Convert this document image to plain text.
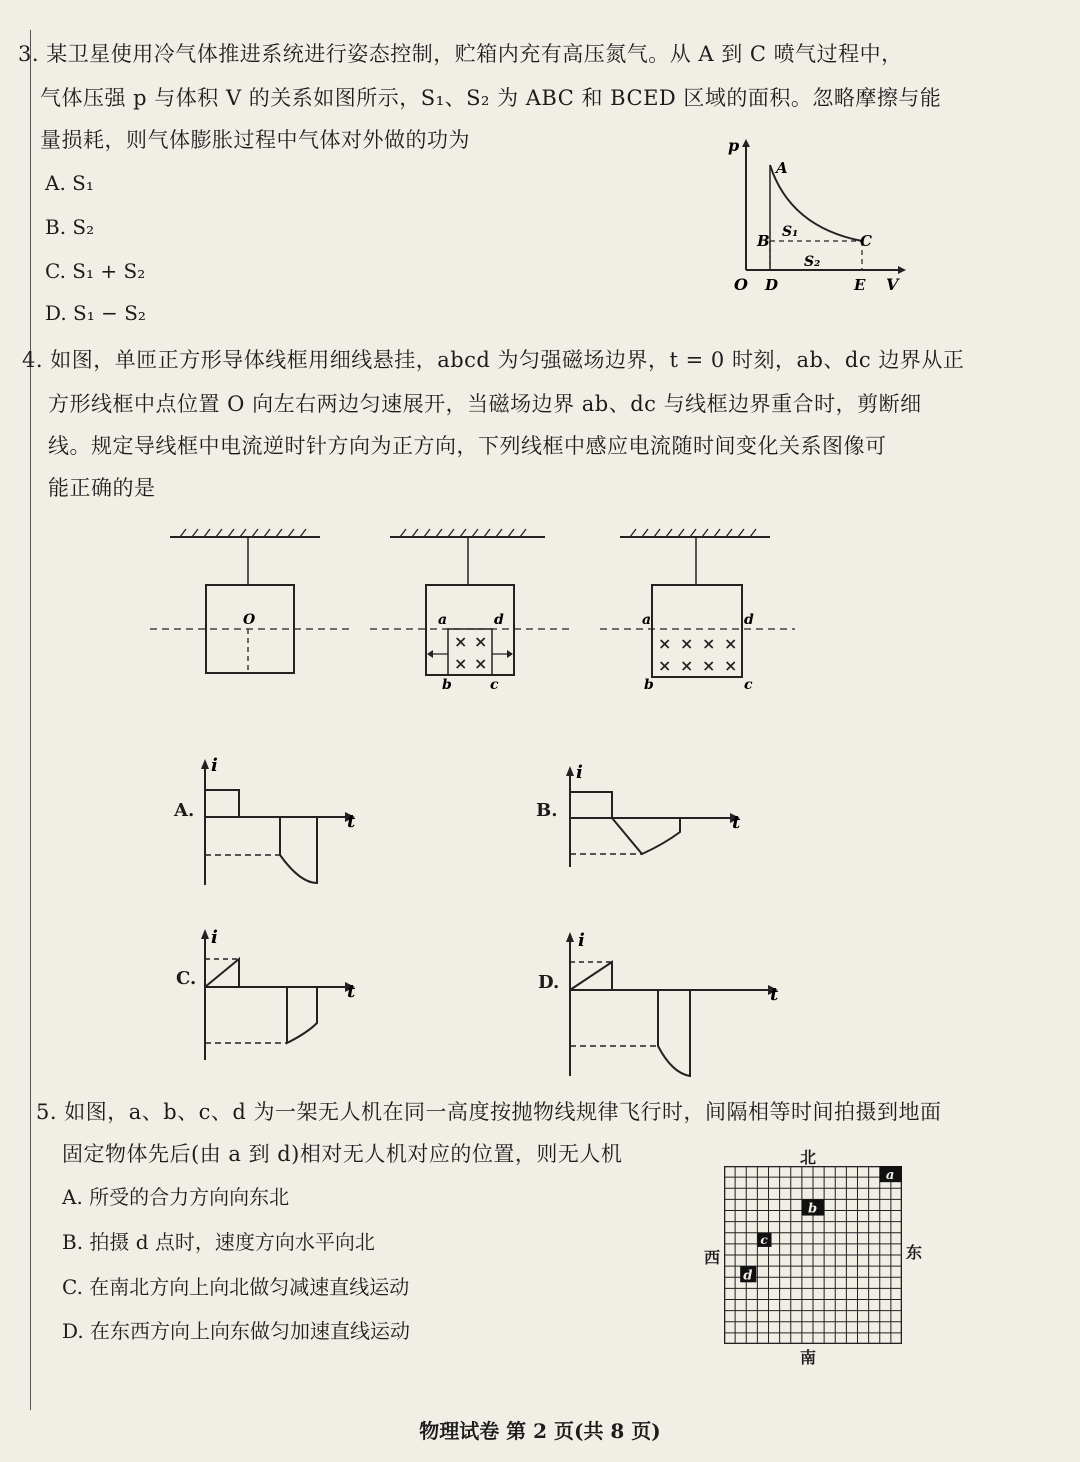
3. 某卫星使用冷气体推进系统进行姿态控制，贮箱内充有高压氮气。从 A 到 C 喷气过程中，
气体压强 p 与体积 V 的关系如图所示，S₁、S₂ 为 ABC 和 BCED 区域的面积。忽略摩擦与能
量损耗，则气体膨胀过程中气体对外做的功为
A. S₁
B. S₂
C. S₁ + S₂
D. S₁ − S₂
p
V
O
A
B	C
D	E
S₁
S₂
4. 如图，单匝正方形导体线框用细线悬挂，abcd 为匀强磁场边界，t = 0 时刻，ab、dc 边界从正
方形线框中点位置 O 向左右两边匀速展开，当磁场边界 ab、dc 与线框边界重合时，剪断细
线。规定导线框中电流逆时针方向为正方向，下列线框中感应电流随时间变化关系图像可
能正确的是
O
× ×
× ×
a	d
b	c
× × × ×
× × × ×
a	d
b	c
A.
i
t
B.
i
t
C.
i
t	D.
i
t
5. 如图，a、b、c、d 为一架无人机在同一高度按抛物线规律飞行时，间隔相等时间拍摄到地面
固定物体先后(由 a 到 d)相对无人机对应的位置，则无人机
A. 所受的合力方向向东北
B. 拍摄 d 点时，速度方向水平向北
C. 在南北方向上向北做匀减速直线运动
D. 在东西方向上向东做匀加速直线运动
北
南
西	东
a
b
c
d
物理试卷 第 2 页(共 8 页)
